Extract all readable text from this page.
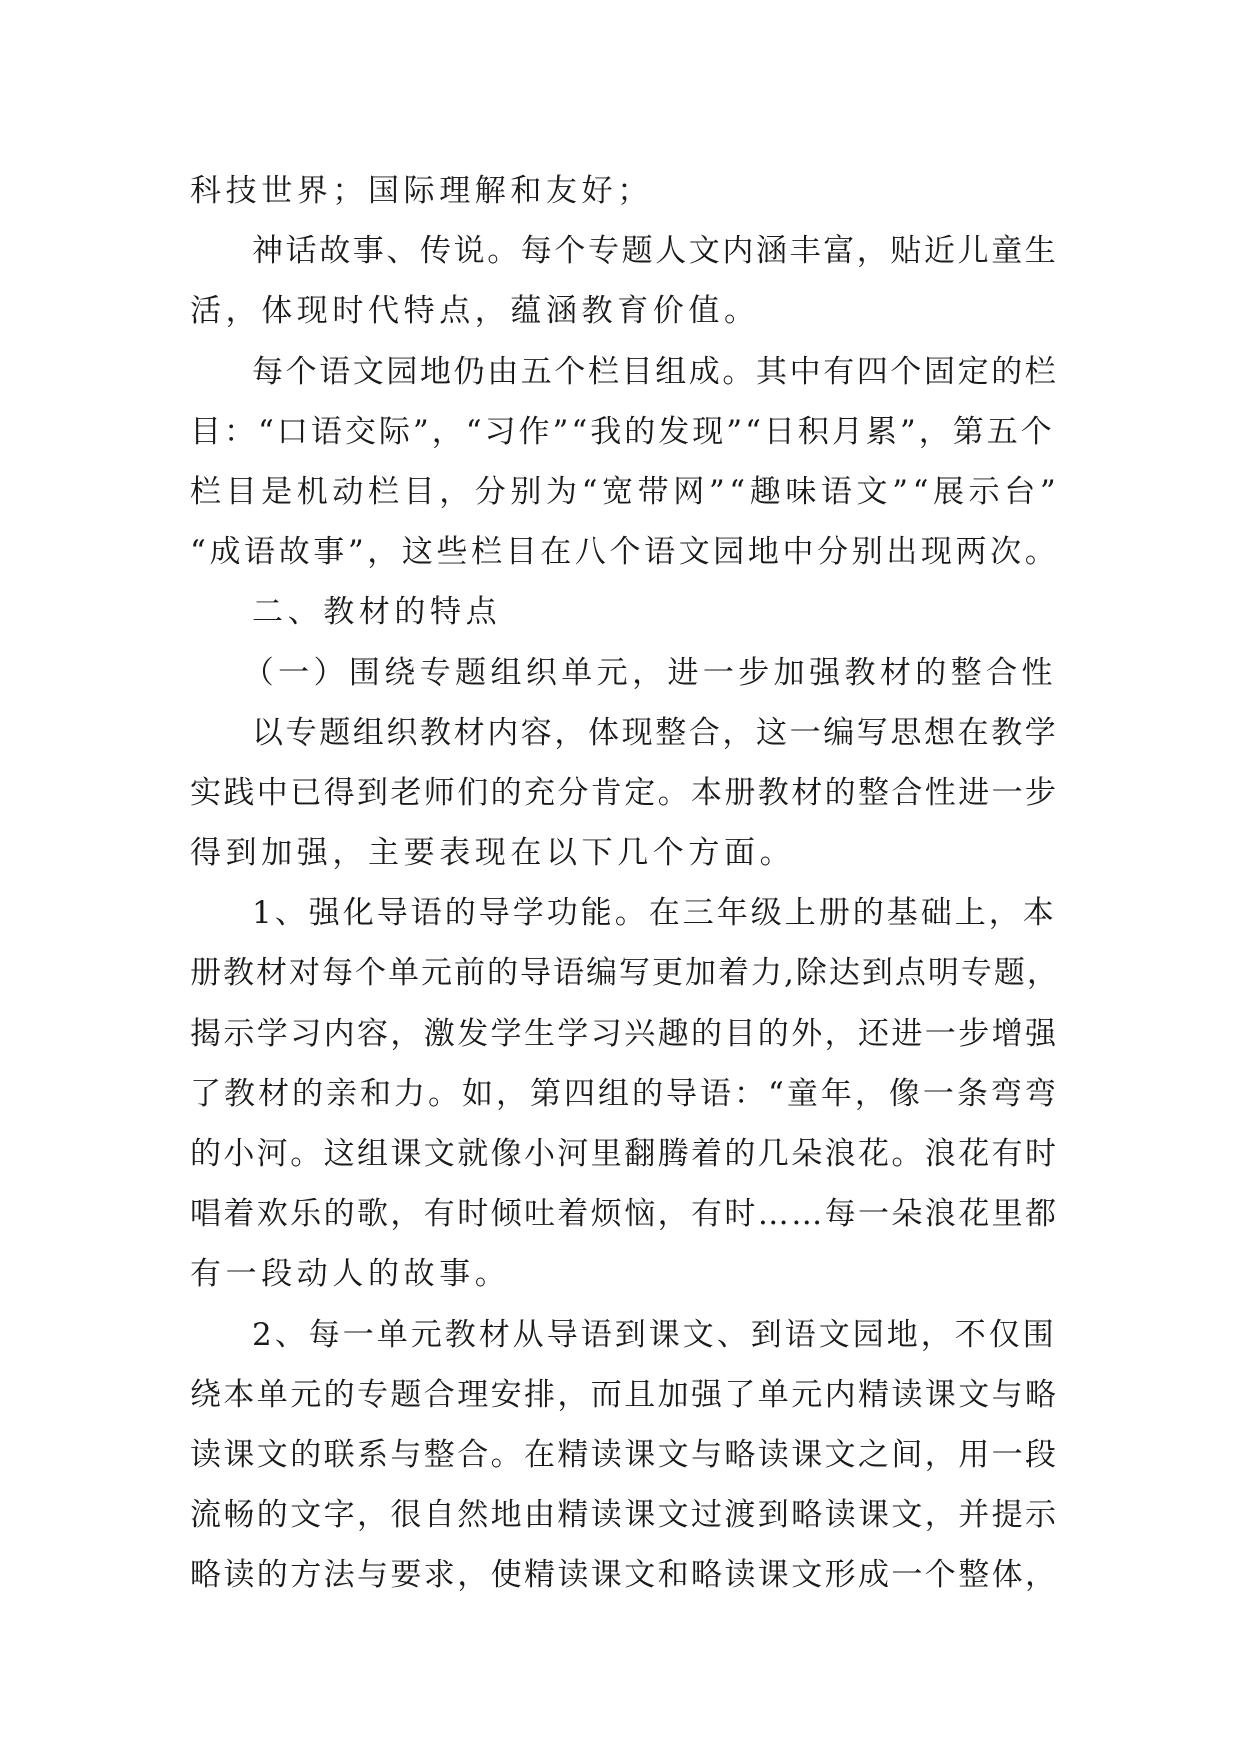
科技世界；国际理解和友好；
神话故事、传说。每个专题人文内涵丰富，贴近儿童生
活，体现时代特点，蕴涵教育价值。
每个语文园地仍由五个栏目组成。其中有四个固定的栏
目：“口语交际”，“习作”“我的发现”“日积月累”，第五个
栏目是机动栏目，分别为“宽带网”“趣味语文”“展示台”
“成语故事”，这些栏目在八个语文园地中分别出现两次。
二、教材的特点
（一）围绕专题组织单元，进一步加强教材的整合性
以专题组织教材内容，体现整合，这一编写思想在教学
实践中已得到老师们的充分肯定。本册教材的整合性进一步
得到加强，主要表现在以下几个方面。
1、强化导语的导学功能。在三年级上册的基础上，本
册教材对每个单元前的导语编写更加着力,除达到点明专题，
揭示学习内容，激发学生学习兴趣的目的外，还进一步增强
了教材的亲和力。如，第四组的导语：“童年，像一条弯弯
的小河。这组课文就像小河里翻腾着的几朵浪花。浪花有时
唱着欢乐的歌，有时倾吐着烦恼，有时……每一朵浪花里都
有一段动人的故事。
2、每一单元教材从导语到课文、到语文园地，不仅围
绕本单元的专题合理安排，而且加强了单元内精读课文与略
读课文的联系与整合。在精读课文与略读课文之间，用一段
流畅的文字，很自然地由精读课文过渡到略读课文，并提示
略读的方法与要求，使精读课文和略读课文形成一个整体，
